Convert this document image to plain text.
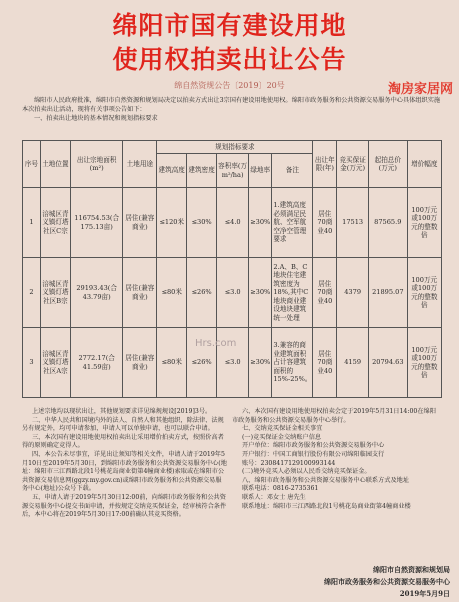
绵阳市国有建设用地
使用权拍卖出让公告
绵自然资规公告〔2019〕20号	淘房家居网

绵阳市人民政府批准，绵阳市自然资源和规划局决定以拍卖方式出让3宗国有建设用地使用权。绵阳市政务服务和公共资源交易服务中心具体组织实施本次拍卖出让活动，现将有关事项公告如下：

一、拍卖出让地块的基本情况和规划指标要求

序号	土地位置	出让宗地面积(m²)	土地用途	规划指标要求					出让年限(年)	竞买保证金(万元)	起拍总价(万元)	增价幅度
				建筑高度	建筑密度	容积率(万m²/ha)	绿地率	备注				
1	涪城区青义镇灯塔社区C宗	116754.53(合175.13亩)	居住(兼容商业)	≤120米	≤30%	≤4.0	≥30%	1.建筑高度必须满足民航、空军航空净空管理要求	居住70商业40	17513	87565.9	100万元或100万元的整数倍
2	涪城区青义镇灯塔社区B宗	29193.43(合43.79亩)	居住(兼容商业)	≤80米	≤26%	≤3.0	≥30%	2.A、B、C地块住宅建筑密度为18%,其中C地块商业建设地块建筑统一处理	居住70商业40	4379	21895.07	100万元或100万元的整数倍
3	涪城区青义镇灯塔社区A宗	2772.17(合41.59亩)	居住(兼容商业)	≤80米	≤26%	≤3.0	≥30%	3.兼容的商业建筑面积占计容建筑面积的15%-25%。	居住70商业40	4159	20794.63	100万元或100万元的整数倍
Hrs.com

上述宗地均以现状出让，其他规划要求详见绵规规设[2019]3号。

二、中华人民共和国境内外的法人、自然人和其他组织，除法律、法规另有规定外，均可申请参加，申请人可以单独申请，也可以联合申请。

三、本次国有建设用地使用权拍卖出让采用增价拍卖方式，按照价高者得的原则确定竞得人。

四、本公告未尽事宜，详见出让须知等相关文件，申请人请于2019年5月10日至2019年5月30日，到绵阳市政务服务和公共资源交易服务中心(地址：绵阳市三江西路北段1号桃花岛商业街第4幢商业楼)索取或在绵阳市公共资源交易信息网(ggzy.my.gov.cn)或绵阳市政务服务和公共资源交易服务中心(地址)公众号下载。

五、申请人请于2019年5月30日12:00前，向绵阳市政务服务和公共资源交易服务中心提交书面申请，并按规定交纳竞买保证金，经审核符合条件后，本中心将在2019年5月30日17:00前确认其竞买资格。

六、本次国有建设用地使用权拍卖会定于2019年5月31日14:00在绵阳市政务服务和公共资源交易服务中心举行。

七、交纳竞买保证金相关事宜

(一)竞买保证金交纳账户信息

开户单位：绵阳市政务服务和公共资源交易服务中心

开户银行：中国工商银行股份有限公司绵阳临园支行

账号：2308417129100993144

(二)境外竞买人必须以人民币交纳竞买保证金。

八、绵阳市政务服务和公共资源交易服务中心联系方式及地址

联系电话：0816-2735361

联系人：邓女士 唐先生

联系地址：绵阳市三江西路北段1号桃花岛商业街第4幢商业楼

绵阳市自然资源和规划局
绵阳市政务服务和公共资源交易服务中心
2019年5月9日
